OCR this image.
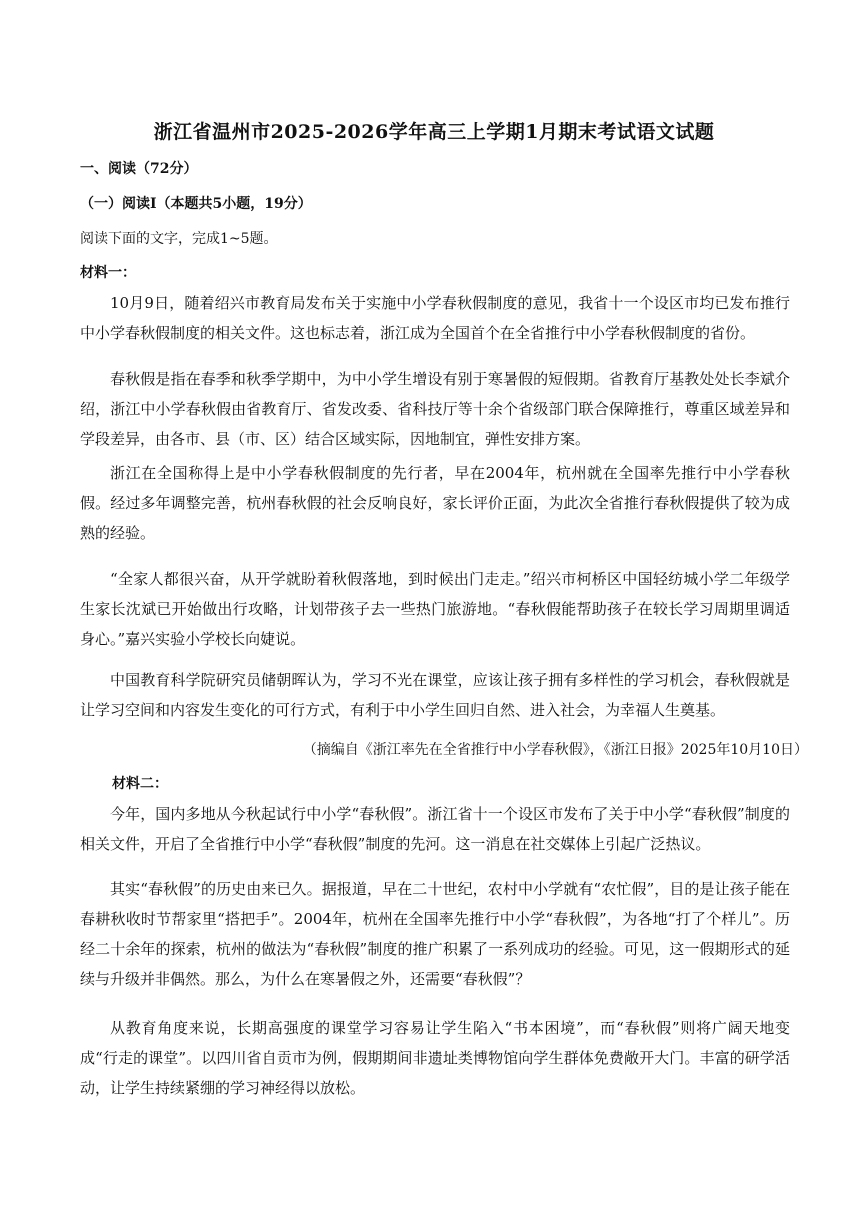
浙江省温州市2025-2026学年高三上学期1月期末考试语文试题
一、阅读（72分）
（一）阅读Ⅰ（本题共5小题，19分）
阅读下面的文字，完成1~5题。
材料一：

10月9日，随着绍兴市教育局发布关于实施中小学春秋假制度的意见，我省十一个设区市均已发布推行中小学春秋假制度的相关文件。这也标志着，浙江成为全国首个在全省推行中小学春秋假制度的省份。

春秋假是指在春季和秋季学期中，为中小学生增设有别于寒暑假的短假期。省教育厅基教处处长李斌介绍，浙江中小学春秋假由省教育厅、省发改委、省科技厅等十余个省级部门联合保障推行，尊重区域差异和学段差异，由各市、县（市、区）结合区域实际，因地制宜，弹性安排方案。

浙江在全国称得上是中小学春秋假制度的先行者，早在2004年，杭州就在全国率先推行中小学春秋假。经过多年调整完善，杭州春秋假的社会反响良好，家长评价正面，为此次全省推行春秋假提供了较为成熟的经验。

“全家人都很兴奋，从开学就盼着秋假落地，到时候出门走走。”绍兴市柯桥区中国轻纺城小学二年级学生家长沈斌已开始做出行攻略，计划带孩子去一些热门旅游地。“春秋假能帮助孩子在较长学习周期里调适身心。”嘉兴实验小学校长向婕说。

中国教育科学院研究员储朝晖认为，学习不光在课堂，应该让孩子拥有多样性的学习机会，春秋假就是让学习空间和内容发生变化的可行方式，有利于中小学生回归自然、进入社会，为幸福人生奠基。

（摘编自《浙江率先在全省推行中小学春秋假》，《浙江日报》2025年10月10日）
材料二：

今年，国内多地从今秋起试行中小学“春秋假”。浙江省十一个设区市发布了关于中小学“春秋假”制度的相关文件，开启了全省推行中小学“春秋假”制度的先河。这一消息在社交媒体上引起广泛热议。

其实“春秋假”的历史由来已久。据报道，早在二十世纪，农村中小学就有“农忙假”，目的是让孩子能在春耕秋收时节帮家里“搭把手”。2004年，杭州在全国率先推行中小学“春秋假”，为各地“打了个样儿”。历经二十余年的探索，杭州的做法为“春秋假”制度的推广积累了一系列成功的经验。可见，这一假期形式的延续与升级并非偶然。那么，为什么在寒暑假之外，还需要“春秋假”？

从教育角度来说，长期高强度的课堂学习容易让学生陷入“书本困境”，而“春秋假”则将广阔天地变成“行走的课堂”。以四川省自贡市为例，假期期间非遗址类博物馆向学生群体免费敞开大门。丰富的研学活动，让学生持续紧绷的学习神经得以放松。
